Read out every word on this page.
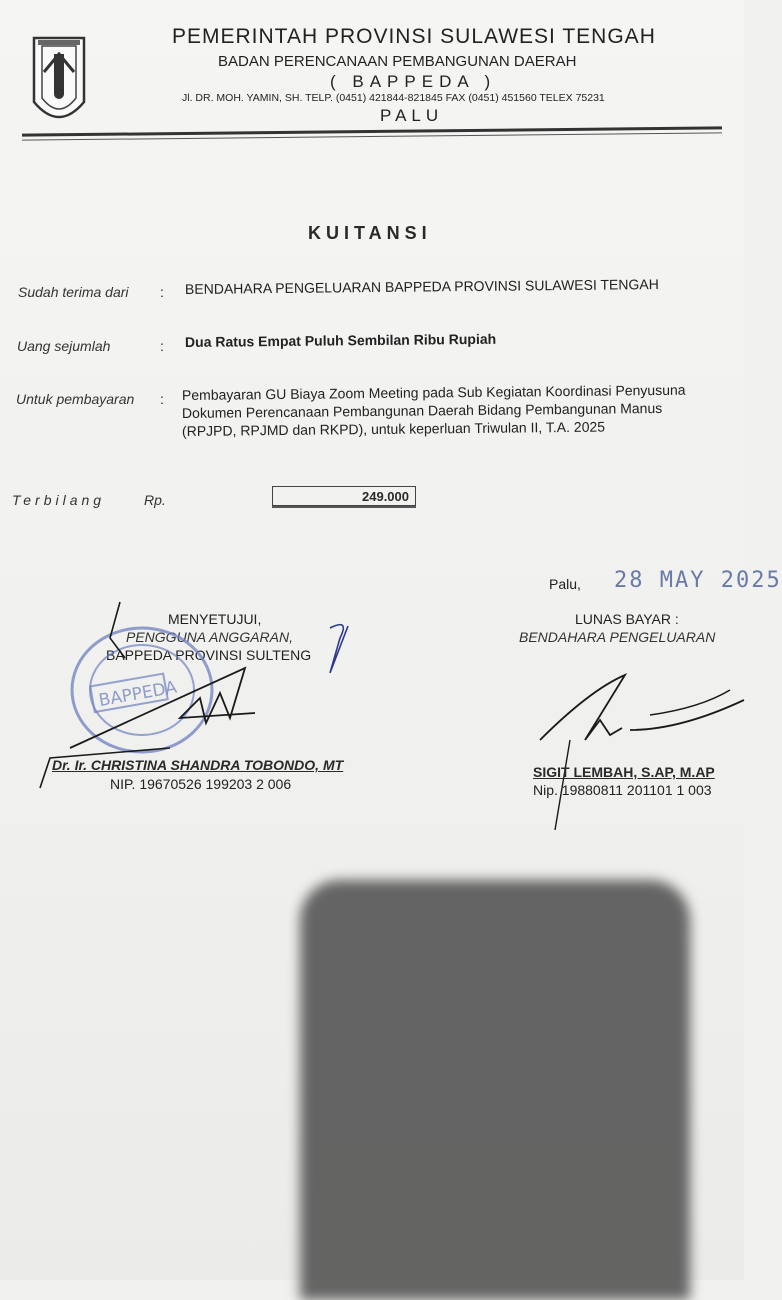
PEMERINTAH PROVINSI SULAWESI TENGAH
BADAN PERENCANAAN PEMBANGUNAN DAERAH
( BAPPEDA )
Jl. DR. MOH. YAMIN, SH. TELP. (0451) 421844-821845 FAX (0451) 451560 TELEX 75231
PALU
KUITANSI
Sudah terima dari : BENDAHARA PENGELUARAN BAPPEDA PROVINSI SULAWESI TENGAH
Uang sejumlah	: Dua Ratus Empat Puluh Sembilan Ribu Rupiah
Untuk pembayaran : Pembayaran GU Biaya Zoom Meeting pada Sub Kegiatan Koordinasi Penyusuna
Dokumen Perencanaan Pembangunan Daerah Bidang Pembangunan Manus
(RPJPD, RPJMD dan RKPD), untuk keperluan Triwulan II, T.A. 2025
Terbilang	Rp.	249.000
Palu, 28 MAY 2025
MENYETUJUI,
PENGGUNA ANGGARAN,
BAPPEDA PROVINSI SULTENG
BAPPEDA
Dr. Ir. CHRISTINA SHANDRA TOBONDO, MT
NIP. 19670526 199203 2 006
LUNAS BAYAR :
BENDAHARA PENGELUARAN
SIGIT LEMBAH, S.AP, M.AP
Nip. 19880811 201101 1 003
